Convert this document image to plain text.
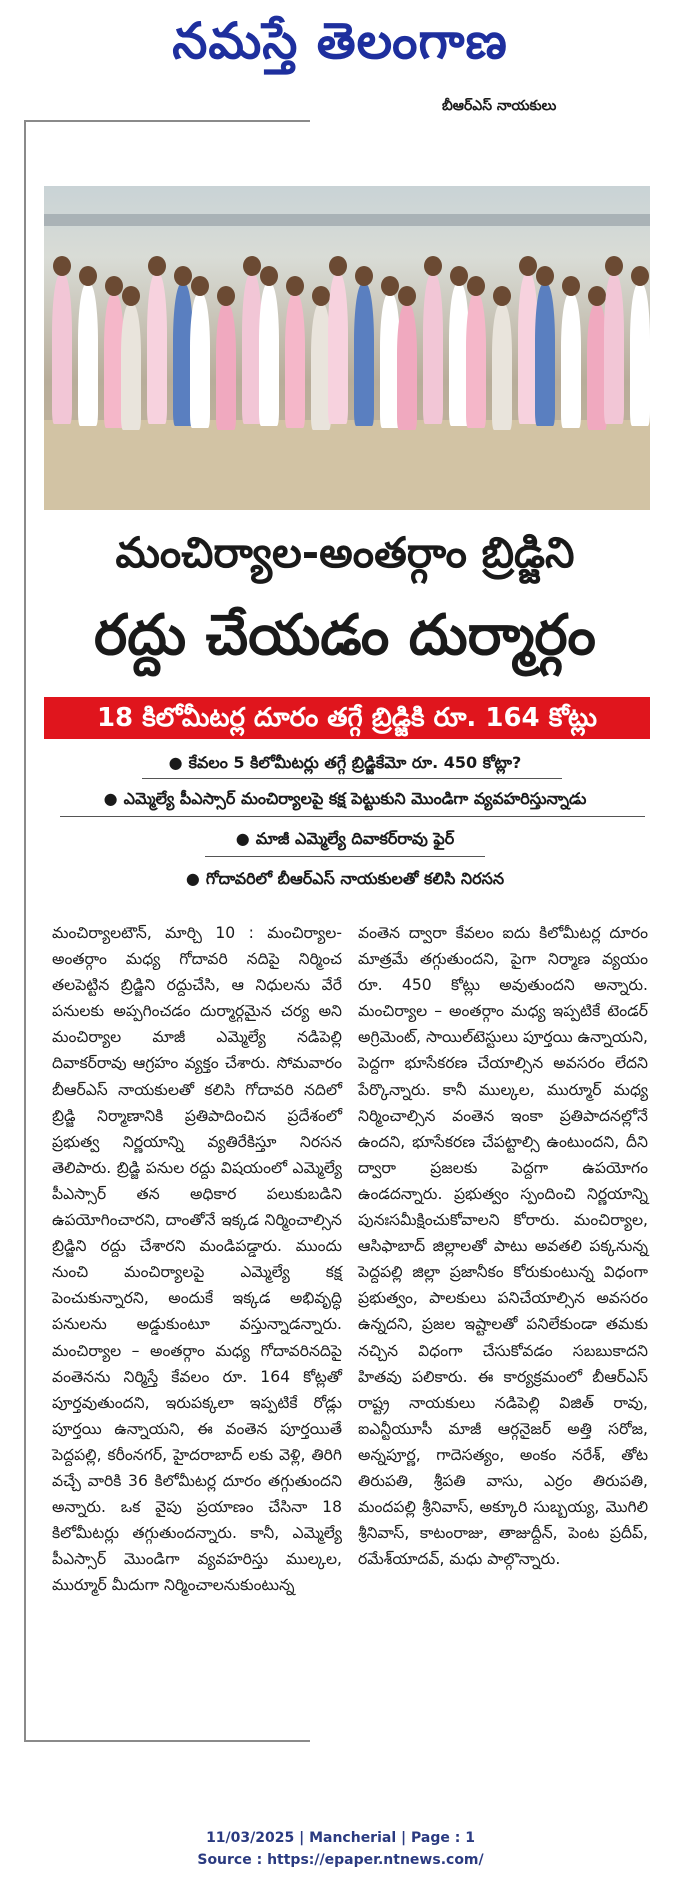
నమస్తే తెలంగాణ
బీఆర్ఎస్ నాయకులు
మంచిర్యాల-అంతర్గాం బ్రిడ్జిని
రద్దు చేయడం దుర్మార్గం
18 కిలోమీటర్ల దూరం తగ్గే బ్రిడ్జికి రూ. 164 కోట్లు
● కేవలం 5 కిలోమీటర్లు తగ్గే బ్రిడ్జికేమో రూ. 450 కోట్లా?
● ఎమ్మెల్యే పీఎస్సార్ మంచిర్యాలపై కక్ష పెట్టుకుని మొండిగా వ్యవహరిస్తున్నాడు
● మాజీ ఎమ్మెల్యే దివాకర్‌రావు ఫైర్
● గోదావరిలో బీఆర్ఎస్ నాయకులతో కలిసి నిరసన
మంచిర్యాలటౌన్, మార్చి 10 : మంచిర్యాల-అంతర్గాం మధ్య గోదావరి నదిపై నిర్మించ తలపెట్టిన బ్రిడ్జిని రద్దుచేసి, ఆ నిధులను వేరే పనులకు అప్పగించడం దుర్మార్గమైన చర్య అని మంచిర్యాల మాజీ ఎమ్మెల్యే నడిపెల్లి దివాకర్‌రావు ఆగ్రహం వ్యక్తం చేశారు. సోమవారం బీఆర్ఎస్ నాయకులతో కలిసి గోదావరి నదిలో బ్రిడ్జి నిర్మాణానికి ప్రతిపాదించిన ప్రదేశంలో ప్రభుత్వ నిర్ణయాన్ని వ్యతిరేకిస్తూ నిరసన తెలిపారు. బ్రిడ్జి పనుల రద్దు విషయంలో ఎమ్మెల్యే పీఎస్సార్ తన అధికార పలుకుబడిని ఉపయోగించారని, దాంతోనే ఇక్కడ నిర్మించాల్సిన బ్రిడ్జిని రద్దు చేశారని మండిపడ్డారు. ముందు నుంచి మంచిర్యాలపై ఎమ్మెల్యే కక్ష పెంచుకున్నారని, అందుకే ఇక్కడ అభివృద్ధి పనులను అడ్డుకుంటూ వస్తున్నాడన్నారు. మంచిర్యాల – అంతర్గాం మధ్య గోదావరినదిపై వంతెనను నిర్మిస్తే కేవలం రూ. 164 కోట్లతో పూర్తవుతుందని, ఇరుపక్కలా ఇప్పటికే రోడ్లు పూర్తయి ఉన్నాయని, ఈ వంతెన పూర్తయితే పెద్దపల్లి, కరీంనగర్, హైదరాబాద్ లకు వెళ్లి, తిరిగి వచ్చే వారికి 36 కిలోమీటర్ల దూరం తగ్గుతుందని అన్నారు. ఒక వైపు ప్రయాణం చేసినా 18 కిలోమీటర్లు తగ్గుతుందన్నారు. కానీ, ఎమ్మెల్యే పీఎస్సార్ మొండిగా వ్యవహరిస్తు ముల్కల, ముర్మూర్ మీదుగా నిర్మించాలనుకుంటున్న
వంతెన ద్వారా కేవలం ఐదు కిలోమీటర్ల దూరం మాత్రమే తగ్గుతుందని, పైగా నిర్మాణ వ్యయం రూ. 450 కోట్లు అవుతుందని అన్నారు. మంచిర్యాల – అంతర్గాం మధ్య ఇప్పటికే టెండర్ అగ్రిమెంట్, సాయిల్‌టెస్టులు పూర్తయి ఉన్నాయని, పెద్దగా భూసేకరణ చేయాల్సిన అవసరం లేదని పేర్కొన్నారు. కానీ ముల్కల, ముర్మూర్ మధ్య నిర్మించాల్సిన వంతెన ఇంకా ప్రతిపాదనల్లోనే ఉందని, భూసేకరణ చేపట్టాల్సి ఉంటుందని, దీని ద్వారా ప్రజలకు పెద్దగా ఉపయోగం ఉండదన్నారు. ప్రభుత్వం స్పందించి నిర్ణయాన్ని పునఃసమీక్షించుకోవాలని కోరారు. మంచిర్యాల, ఆసిఫాబాద్ జిల్లాలతో పాటు అవతలి పక్కనున్న పెద్దపల్లి జిల్లా ప్రజానీకం కోరుకుంటున్న విధంగా ప్రభుత్వం, పాలకులు పనిచేయాల్సిన అవసరం ఉన్నదని, ప్రజల ఇష్టాలతో పనిలేకుండా తమకు నచ్చిన విధంగా చేసుకోవడం సబబుకాదని హితవు పలికారు. ఈ కార్యక్రమంలో బీఆర్ఎస్ రాష్ట్ర నాయకులు నడిపెల్లి విజిత్ రావు, ఐఎన్టీయూసీ మాజీ ఆర్గనైజర్ అత్తి సరోజ, అన్నపూర్ణ, గాదెసత్యం, అంకం నరేశ్, తోట తిరుపతి, శ్రీపతి వాసు, ఎర్రం తిరుపతి, మందపల్లి శ్రీనివాస్, అక్కూరి సుబ్బయ్య, మొగిలి శ్రీనివాస్, కాటంరాజు, తాజుద్దీన్, పెంట ప్రదీప్, రమేశ్‌యాదవ్, మధు పాల్గొన్నారు.
11/03/2025 | Mancherial | Page : 1
Source : https://epaper.ntnews.com/
